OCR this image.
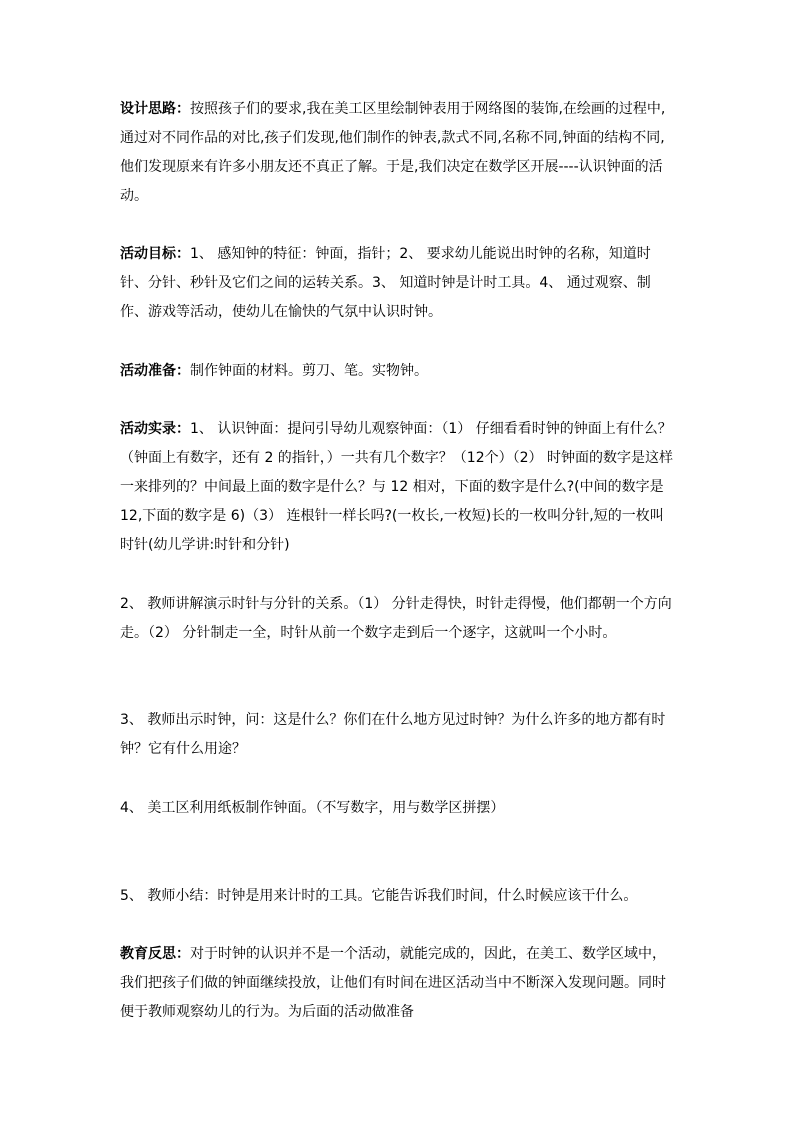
设计思路：按照孩子们的要求,我在美工区里绘制钟表用于网络图的装饰,在绘画的过程中,通过对不同作品的对比,孩子们发现,他们制作的钟表,款式不同,名称不同,钟面的结构不同,他们发现原来有许多小朋友还不真正了解。于是,我们决定在数学区开展----认识钟面的活动。

活动目标：1、 感知钟的特征：钟面，指针；2、 要求幼儿能说出时钟的名称，知道时针、分针、秒针及它们之间的运转关系。3、 知道时钟是计时工具。4、 通过观察、制作、游戏等活动，使幼儿在愉快的气氛中认识时钟。

活动准备：制作钟面的材料。剪刀、笔。实物钟。

活动实录：1、 认识钟面：提问引导幼儿观察钟面：（1） 仔细看看时钟的钟面上有什么？（钟面上有数字，还有 2 的指针，）一共有几个数字？（12个）（2） 时钟面的数字是这样一来排列的？中间最上面的数字是什么？与 12 相对，下面的数字是什么?(中间的数字是 12,下面的数字是 6)（3） 连根针一样长吗?(一枚长,一枚短)长的一枚叫分针,短的一枚叫时针(幼儿学讲:时针和分针)

2、 教师讲解演示时针与分针的关系。（1） 分针走得快，时针走得慢，他们都朝一个方向走。（2） 分针制走一全，时针从前一个数字走到后一个逐字，这就叫一个小时。

3、 教师出示时钟，问：这是什么？你们在什么地方见过时钟？为什么许多的地方都有时钟？它有什么用途？

4、 美工区利用纸板制作钟面。（不写数字，用与数学区拼摆）

5、 教师小结：时钟是用来计时的工具。它能告诉我们时间，什么时候应该干什么。

教育反思：对于时钟的认识并不是一个活动，就能完成的，因此，在美工、数学区域中，我们把孩子们做的钟面继续投放，让他们有时间在进区活动当中不断深入发现问题。同时便于教师观察幼儿的行为。为后面的活动做准备
